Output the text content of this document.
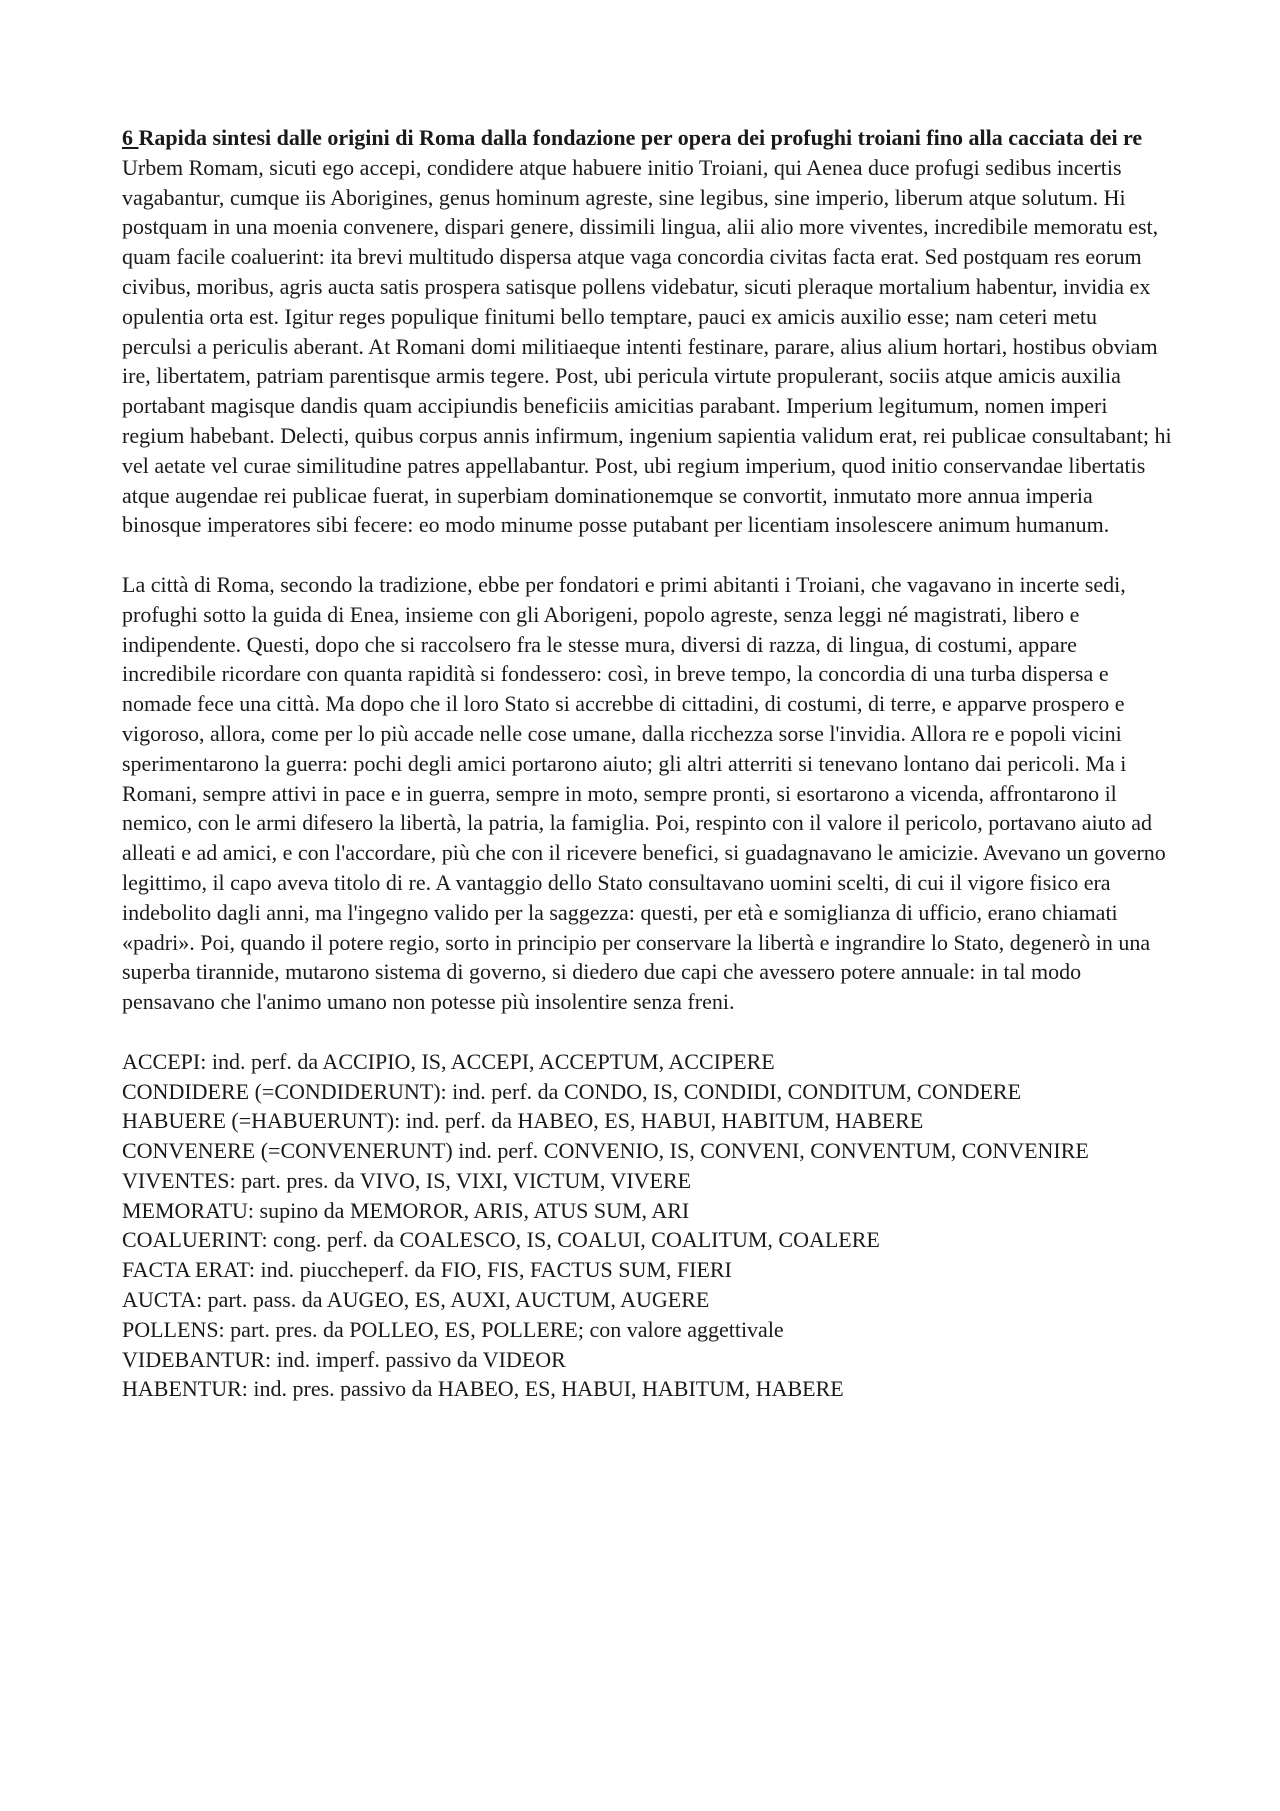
6 Rapida sintesi dalle origini di Roma dalla fondazione per opera dei profughi troiani fino alla cacciata dei re

Urbem Romam, sicuti ego accepi, condidere atque habuere initio Troiani, qui Aenea duce profugi sedibus incertis vagabantur, cumque iis Aborigines, genus hominum agreste, sine legibus, sine imperio, liberum atque solutum. Hi postquam in una moenia convenere, dispari genere, dissimili lingua, alii alio more viventes, incredibile memoratu est, quam facile coaluerint: ita brevi multitudo dispersa atque vaga concordia civitas facta erat. Sed postquam res eorum civibus, moribus, agris aucta satis prospera satisque pollens videbatur, sicuti pleraque mortalium habentur, invidia ex opulentia orta est. Igitur reges populique finitumi bello temptare, pauci ex amicis auxilio esse; nam ceteri metu perculsi a periculis aberant. At Romani domi militiaeque intenti festinare, parare, alius alium hortari, hostibus obviam ire, libertatem, patriam parentisque armis tegere. Post, ubi pericula virtute propulerant, sociis atque amicis auxilia portabant magisque dandis quam accipiundis beneficiis amicitias parabant. Imperium legitumum, nomen imperi regium habebant. Delecti, quibus corpus annis infirmum, ingenium sapientia validum erat, rei publicae consultabant; hi vel aetate vel curae similitudine patres appellabantur. Post, ubi regium imperium, quod initio conservandae libertatis atque augendae rei publicae fuerat, in superbiam dominationemque se convortit, inmutato more annua imperia binosque imperatores sibi fecere: eo modo minume posse putabant per licentiam insolescere animum humanum.

La città di Roma, secondo la tradizione, ebbe per fondatori e primi abitanti i Troiani, che vagavano in incerte sedi, profughi sotto la guida di Enea, insieme con gli Aborigeni, popolo agreste, senza leggi né magistrati, libero e indipendente. Questi, dopo che si raccolsero fra le stesse mura, diversi di razza, di lingua, di costumi, appare incredibile ricordare con quanta rapidità si fondessero: così, in breve tempo, la concordia di una turba dispersa e nomade fece una città. Ma dopo che il loro Stato si accrebbe di cittadini, di costumi, di terre, e apparve prospero e vigoroso, allora, come per lo più accade nelle cose umane, dalla ricchezza sorse l'invidia. Allora re e popoli vicini sperimentarono la guerra: pochi degli amici portarono aiuto; gli altri atterriti si tenevano lontano dai pericoli. Ma i Romani, sempre attivi in pace e in guerra, sempre in moto, sempre pronti, si esortarono a vicenda, affrontarono il nemico, con le armi difesero la libertà, la patria, la famiglia. Poi, respinto con il valore il pericolo, portavano aiuto ad alleati e ad amici, e con l'accordare, più che con il ricevere benefici, si guadagnavano le amicizie. Avevano un governo legittimo, il capo aveva titolo di re. A vantaggio dello Stato consultavano uomini scelti, di cui il vigore fisico era indebolito dagli anni, ma l'ingegno valido per la saggezza: questi, per età e somiglianza di ufficio, erano chiamati «padri». Poi, quando il potere regio, sorto in principio per conservare la libertà e ingrandire lo Stato, degenerò in una superba tirannide, mutarono sistema di governo, si diedero due capi che avessero potere annuale: in tal modo pensavano che l'animo umano non potesse più insolentire senza freni.

ACCEPI: ind. perf. da ACCIPIO, IS, ACCEPI, ACCEPTUM, ACCIPERE
CONDIDERE (=CONDIDERUNT): ind. perf. da CONDO, IS, CONDIDI, CONDITUM, CONDERE
HABUERE (=HABUERUNT): ind. perf. da HABEO, ES, HABUI, HABITUM, HABERE
CONVENERE (=CONVENERUNT) ind. perf. CONVENIO, IS, CONVENI, CONVENTUM, CONVENIRE
VIVENTES: part. pres. da VIVO, IS, VIXI, VICTUM, VIVERE
MEMORATU: supino da MEMOROR, ARIS, ATUS SUM, ARI
COALUERINT: cong. perf. da COALESCO, IS, COALUI, COALITUM, COALERE
FACTA ERAT: ind. piuccheperf. da FIO, FIS, FACTUS SUM, FIERI
AUCTA: part. pass. da AUGEO, ES, AUXI, AUCTUM, AUGERE
POLLENS: part. pres. da POLLEO, ES, POLLERE; con valore aggettivale
VIDEBANTUR: ind. imperf. passivo da VIDEOR
HABENTUR: ind. pres. passivo da HABEO, ES, HABUI, HABITUM, HABERE
